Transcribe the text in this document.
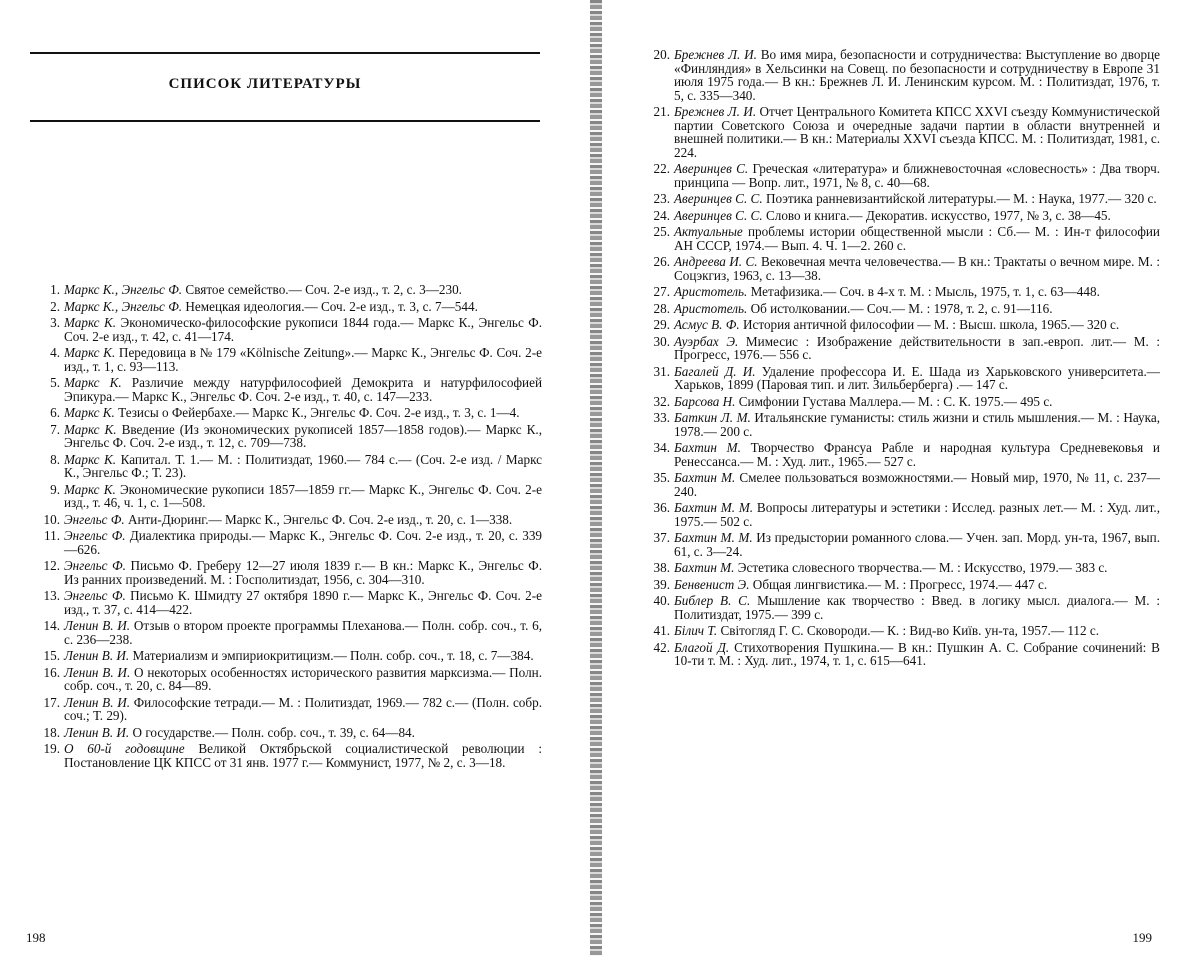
СПИСОК ЛИТЕРАТУРЫ
1. Маркс К., Энгельс Ф. Святое семейство.— Соч. 2-е изд., т. 2, с. 3—230.
2. Маркс К., Энгельс Ф. Немецкая идеология.— Соч. 2-е изд., т. 3, с. 7—544.
3. Маркс К. Экономическо-философские рукописи 1844 года.— Маркс К., Энгельс Ф. Соч. 2-е изд., т. 42, с. 41—174.
4. Маркс К. Передовица в № 179 «Kölnische Zeitung».— Маркс К., Энгельс Ф. Соч. 2-е изд., т. 1, с. 93—113.
5. Маркс К. Различие между натурфилософией Демокрита и натурфилософией Эпикура.— Маркс К., Энгельс Ф. Соч. 2-е изд., т. 40, с. 147—233.
6. Маркс К. Тезисы о Фейербахе.— Маркс К., Энгельс Ф. Соч. 2-е изд., т. 3, с. 1—4.
7. Маркс К. Введение (Из экономических рукописей 1857—1858 годов).— Маркс К., Энгельс Ф. Соч. 2-е изд., т. 12, с. 709—738.
8. Маркс К. Капитал. Т. 1.— М. : Политиздат, 1960.— 784 с.— (Соч. 2-е изд. / Маркс К., Энгельс Ф.; Т. 23).
9. Маркс К. Экономические рукописи 1857—1859 гг.— Маркс К., Энгельс Ф. Соч. 2-е изд., т. 46, ч. 1, с. 1—508.
10. Энгельс Ф. Анти-Дюринг.— Маркс К., Энгельс Ф. Соч. 2-е изд., т. 20, с. 1—338.
11. Энгельс Ф. Диалектика природы.— Маркс К., Энгельс Ф. Соч. 2-е изд., т. 20, с. 339—626.
12. Энгельс Ф. Письмо Ф. Греберу 12—27 июля 1839 г.— В кн.: Маркс К., Энгельс Ф. Из ранних произведений. М. : Госполитиздат, 1956, с. 304—310.
13. Энгельс Ф. Письмо К. Шмидту 27 октября 1890 г.— Маркс К., Энгельс Ф. Соч. 2-е изд., т. 37, с. 414—422.
14. Ленин В. И. Отзыв о втором проекте программы Плеханова.— Полн. собр. соч., т. 6, с. 236—238.
15. Ленин В. И. Материализм и эмпириокритицизм.— Полн. собр. соч., т. 18, с. 7—384.
16. Ленин В. И. О некоторых особенностях исторического развития марксизма.— Полн. собр. соч., т. 20, с. 84—89.
17. Ленин В. И. Философские тетради.— М. : Политиздат, 1969.— 782 с.— (Полн. собр. соч.; Т. 29).
18. Ленин В. И. О государстве.— Полн. собр. соч., т. 39, с. 64—84.
19. О 60-й годовщине Великой Октябрьской социалистической революции : Постановление ЦК КПСС от 31 янв. 1977 г.— Коммунист, 1977, № 2, с. 3—18.
198
20. Брежнев Л. И. Во имя мира, безопасности и сотрудничества: Выступление во дворце «Финляндия» в Хельсинки на Совещ. по безопасности и сотрудничеству в Европе 31 июля 1975 года.— В кн.: Брежнев Л. И. Ленинским курсом. М. : Политиздат, 1976, т. 5, с. 335—340.
21. Брежнев Л. И. Отчет Центрального Комитета КПСС XXVI съезду Коммунистической партии Советского Союза и очередные задачи партии в области внутренней и внешней политики.— В кн.: Материалы XXVI съезда КПСС. М. : Политиздат, 1981, с. 224.
22. Аверинцев С. Греческая «литература» и ближневосточная «словесность» : Два творч. принципа — Вопр. лит., 1971, № 8, с. 40—68.
23. Аверинцев С. С. Поэтика ранневизантийской литературы.— М. : Наука, 1977.— 320 с.
24. Аверинцев С. С. Слово и книга.— Декоратив. искусство, 1977, № 3, с. 38—45.
25. Актуальные проблемы истории общественной мысли : Сб.— М. : Ин-т философии АН СССР, 1974.— Вып. 4. Ч. 1—2. 260 с.
26. Андреева И. С. Вековечная мечта человечества.— В кн.: Трактаты о вечном мире. М. : Соцэкгиз, 1963, с. 13—38.
27. Аристотель. Метафизика.— Соч. в 4-х т. М. : Мысль, 1975, т. 1, с. 63—448.
28. Аристотель. Об истолковании.— Соч.— М. : 1978, т. 2, с. 91—116.
29. Асмус В. Ф. История античной философии — М. : Высш. школа, 1965.— 320 с.
30. Ауэрбах Э. Мимесис : Изображение действительности в зап.-европ. лит.— М. : Прогресс, 1976.— 556 с.
31. Багалей Д. И. Удаление профессора И. Е. Шада из Харьковского университета.— Харьков, 1899 (Паровая тип. и лит. Зильберберга) .— 147 с.
32. Барсова Н. Симфонии Густава Маллера.— М. : С. К. 1975.— 495 с.
33. Баткин Л. М. Итальянские гуманисты: стиль жизни и стиль мышления.— М. : Наука, 1978.— 200 с.
34. Бахтин М. Творчество Франсуа Рабле и народная культура Средневековья и Ренессанса.— М. : Худ. лит., 1965.— 527 с.
35. Бахтин М. Смелее пользоваться возможностями.— Новый мир, 1970, № 11, с. 237—240.
36. Бахтин М. М. Вопросы литературы и эстетики : Исслед. разных лет.— М. : Худ. лит., 1975.— 502 с.
37. Бахтин М. М. Из предыстории романного слова.— Учен. зап. Морд. ун-та, 1967, вып. 61, с. 3—24.
38. Бахтин М. Эстетика словесного творчества.— М. : Искусство, 1979.— 383 с.
39. Бенвенист Э. Общая лингвистика.— М. : Прогресс, 1974.— 447 с.
40. Библер В. С. Мышление как творчество : Введ. в логику мысл. диалога.— М. : Политиздат, 1975.— 399 с.
41. Білич Т. Світогляд Г. С. Сковороди.— К. : Вид-во Київ. ун-та, 1957.— 112 с.
42. Благой Д. Стихотворения Пушкина.— В кн.: Пушкин А. С. Собрание сочинений: В 10-ти т. М. : Худ. лит., 1974, т. 1, с. 615—641.
199
